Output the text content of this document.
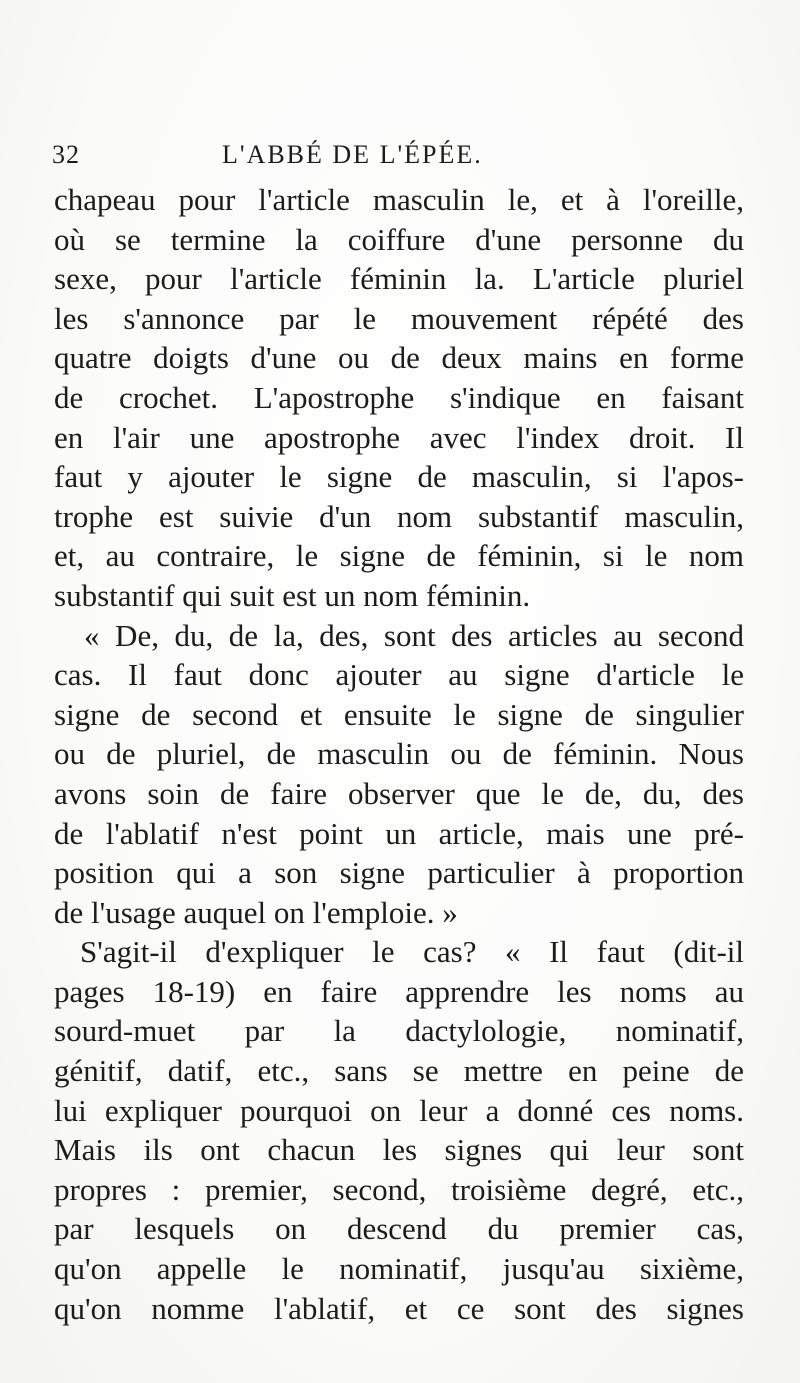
32	L'ABBÉ DE L'ÉPÉE.
chapeau pour l'article masculin le, et à l'oreille,
où se termine la coiffure d'une personne du
sexe, pour l'article féminin la. L'article pluriel
les s'annonce par le mouvement répété des
quatre doigts d'une ou de deux mains en forme
de crochet. L'apostrophe s'indique en faisant
en l'air une apostrophe avec l'index droit. Il
faut y ajouter le signe de masculin, si l'apos-
trophe est suivie d'un nom substantif masculin,
et, au contraire, le signe de féminin, si le nom
substantif qui suit est un nom féminin.
« De, du, de la, des, sont des articles au second
cas. Il faut donc ajouter au signe d'article le
signe de second et ensuite le signe de singulier
ou de pluriel, de masculin ou de féminin. Nous
avons soin de faire observer que le de, du, des
de l'ablatif n'est point un article, mais une pré-
position qui a son signe particulier à proportion
de l'usage auquel on l'emploie. »
S'agit-il d'expliquer le cas? « Il faut (dit-il
pages 18-19) en faire apprendre les noms au
sourd-muet par la dactylologie, nominatif,
génitif, datif, etc., sans se mettre en peine de
lui expliquer pourquoi on leur a donné ces noms.
Mais ils ont chacun les signes qui leur sont
propres : premier, second, troisième degré, etc.,
par lesquels on descend du premier cas,
qu'on appelle le nominatif, jusqu'au sixième,
qu'on nomme l'ablatif, et ce sont des signes
